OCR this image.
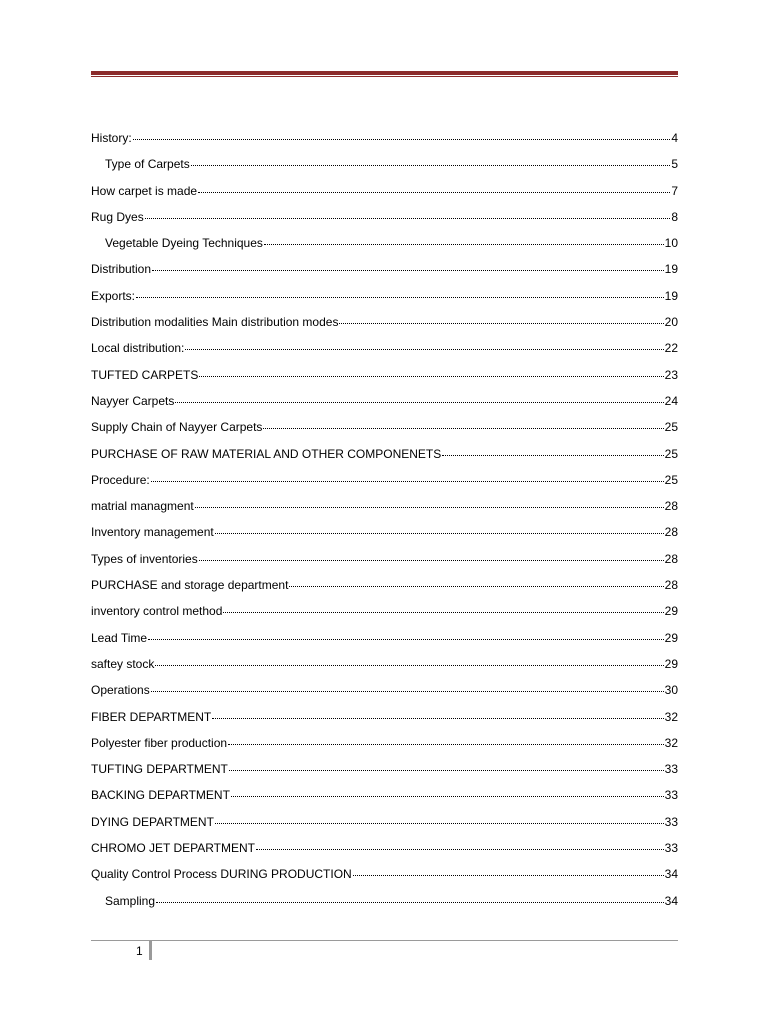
History:	4
Type of Carpets	5
How carpet is made	7
Rug Dyes	8
Vegetable Dyeing Techniques	10
Distribution	19
Exports:	19
Distribution modalities Main distribution modes	20
Local distribution:	22
TUFTED CARPETS	23
Nayyer Carpets	24
Supply Chain of Nayyer Carpets	25
PURCHASE OF RAW MATERIAL AND OTHER COMPONENETS	25
Procedure:	25
matrial managment	28
Inventory management	28
Types of inventories	28
PURCHASE and storage department	28
inventory control method	29
Lead Time	29
saftey stock	29
Operations	30
FIBER DEPARTMENT	32
Polyester fiber production	32
TUFTING DEPARTMENT	33
BACKING DEPARTMENT	33
DYING DEPARTMENT	33
CHROMO JET DEPARTMENT	33
Quality Control Process DURING PRODUCTION	34
Sampling	34
1
